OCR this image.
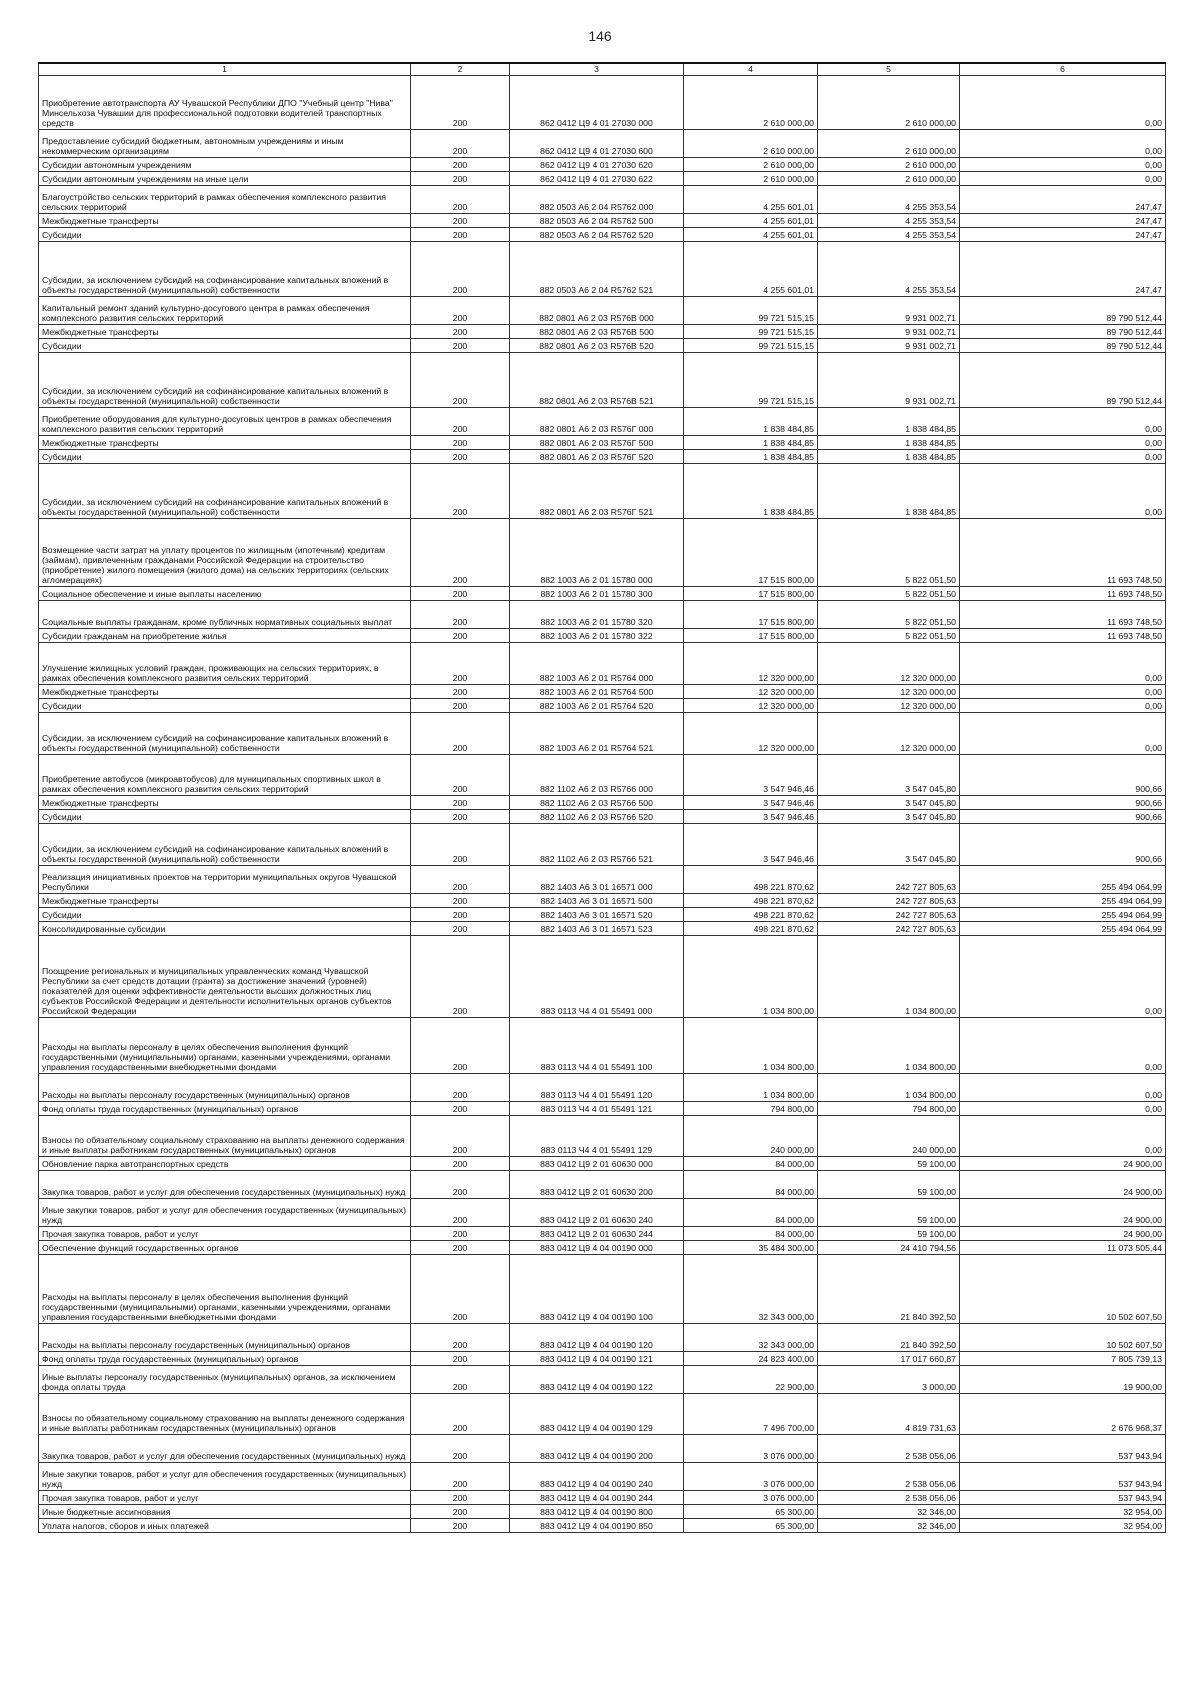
146
1	2	3	4	5	6
Приобретение автотранспорта АУ Чувашской Республики ДПО "Учебный центр "Нива" Минсельхоза Чувашии для профессиональной подготовки водителей транспортных средств	200	862 0412 Ц9 4 01 27030 000	2 610 000,00	2 610 000,00	0,00
Предоставление субсидий бюджетным, автономным учреждениям и иным некоммерческим организациям	200	862 0412 Ц9 4 01 27030 600	2 610 000,00	2 610 000,00	0,00
Субсидии автономным учреждениям	200	862 0412 Ц9 4 01 27030 620	2 610 000,00	2 610 000,00	0,00
Субсидии автономным учреждениям на иные цели	200	862 0412 Ц9 4 01 27030 622	2 610 000,00	2 610 000,00	0,00
Благоустройство сельских территорий в рамках обеспечения комплексного развития сельских территорий	200	882 0503 А6 2 04 R5762 000	4 255 601,01	4 255 353,54	247,47
Межбюджетные трансферты	200	882 0503 А6 2 04 R5762 500	4 255 601,01	4 255 353,54	247,47
Субсидии	200	882 0503 А6 2 04 R5762 520	4 255 601,01	4 255 353,54	247,47
Субсидии, за исключением субсидий на софинансирование капитальных вложений в объекты государственной (муниципальной) собственности	200	882 0503 А6 2 04 R5762 521	4 255 601,01	4 255 353,54	247,47
Капитальный ремонт зданий культурно-досугового центра в рамках обеспечения комплексного развития сельских территорий	200	882 0801 А6 2 03 R576В 000	99 721 515,15	9 931 002,71	89 790 512,44
Межбюджетные трансферты	200	882 0801 А6 2 03 R576В 500	99 721 515,15	9 931 002,71	89 790 512,44
Субсидии	200	882 0801 А6 2 03 R576В 520	99 721 515,15	9 931 002,71	89 790 512,44
Субсидии, за исключением субсидий на софинансирование капитальных вложений в объекты государственной (муниципальной) собственности	200	882 0801 А6 2 03 R576В 521	99 721 515,15	9 931 002,71	89 790 512,44
Приобретение оборудования для культурно-досуговых центров в рамках обеспечения комплексного развития сельских территорий	200	882 0801 А6 2 03 R576Г 000	1 838 484,85	1 838 484,85	0,00
Межбюджетные трансферты	200	882 0801 А6 2 03 R576Г 500	1 838 484,85	1 838 484,85	0,00
Субсидии	200	882 0801 А6 2 03 R576Г 520	1 838 484,85	1 838 484,85	0,00
Субсидии, за исключением субсидий на софинансирование капитальных вложений в объекты государственной (муниципальной) собственности	200	882 0801 А6 2 03 R576Г 521	1 838 484,85	1 838 484,85	0,00
Возмещение части затрат на уплату процентов по жилищным (ипотечным) кредитам (займам), привлеченным гражданами Российской Федерации на строительство (приобретение) жилого помещения (жилого дома) на сельских территориях (сельских агломерациях)	200	882 1003 А6 2 01 15780 000	17 515 800,00	5 822 051,50	11 693 748,50
Социальное обеспечение и иные выплаты населению	200	882 1003 А6 2 01 15780 300	17 515 800,00	5 822 051,50	11 693 748,50
Социальные выплаты гражданам, кроме публичных нормативных социальных выплат	200	882 1003 А6 2 01 15780 320	17 515 800,00	5 822 051,50	11 693 748,50
Субсидии гражданам на приобретение жилья	200	882 1003 А6 2 01 15780 322	17 515 800,00	5 822 051,50	11 693 748,50
Улучшение жилищных условий граждан, проживающих на сельских территориях, в рамках обеспечения комплексного развития сельских территорий	200	882 1003 А6 2 01 R5764 000	12 320 000,00	12 320 000,00	0,00
Межбюджетные трансферты	200	882 1003 А6 2 01 R5764 500	12 320 000,00	12 320 000,00	0,00
Субсидии	200	882 1003 А6 2 01 R5764 520	12 320 000,00	12 320 000,00	0,00
Субсидии, за исключением субсидий на софинансирование капитальных вложений в объекты государственной (муниципальной) собственности	200	882 1003 А6 2 01 R5764 521	12 320 000,00	12 320 000,00	0,00
Приобретение автобусов (микроавтобусов) для муниципальных спортивных школ в рамках обеспечения комплексного развития сельских территорий	200	882 1102 А6 2 03 R5766 000	3 547 946,46	3 547 045,80	900,66
Межбюджетные трансферты	200	882 1102 А6 2 03 R5766 500	3 547 946,46	3 547 045,80	900,66
Субсидии	200	882 1102 А6 2 03 R5766 520	3 547 946,46	3 547 045,80	900,66
Субсидии, за исключением субсидий на софинансирование капитальных вложений в объекты государственной (муниципальной) собственности	200	882 1102 А6 2 03 R5766 521	3 547 946,46	3 547 045,80	900,66
Реализация инициативных проектов на территории муниципальных округов Чувашской Республики	200	882 1403 А6 3 01 16571 000	498 221 870,62	242 727 805,63	255 494 064,99
Межбюджетные трансферты	200	882 1403 А6 3 01 16571 500	498 221 870,62	242 727 805,63	255 494 064,99
Субсидии	200	882 1403 А6 3 01 16571 520	498 221 870,62	242 727 805,63	255 494 064,99
Консолидированные субсидии	200	882 1403 А6 3 01 16571 523	498 221 870,62	242 727 805,63	255 494 064,99
Поощрение региональных и муниципальных управленческих команд Чувашской Республики за счет средств дотации (гранта) за достижение значений (уровней) показателей для оценки эффективности деятельности высших должностных лиц субъектов Российской Федерации и деятельности исполнительных органов субъектов Российской Федерации	200	883 0113 Ч4 4 01 55491 000	1 034 800,00	1 034 800,00	0,00
Расходы на выплаты персоналу в целях обеспечения выполнения функций государственными (муниципальными) органами, казенными учреждениями, органами управления государственными внебюджетными фондами	200	883 0113 Ч4 4 01 55491 100	1 034 800,00	1 034 800,00	0,00
Расходы на выплаты персоналу государственных (муниципальных) органов	200	883 0113 Ч4 4 01 55491 120	1 034 800,00	1 034 800,00	0,00
Фонд оплаты труда государственных (муниципальных) органов	200	883 0113 Ч4 4 01 55491 121	794 800,00	794 800,00	0,00
Взносы по обязательному социальному страхованию на выплаты денежного содержания и иные выплаты работникам государственных (муниципальных) органов	200	883 0113 Ч4 4 01 55491 129	240 000,00	240 000,00	0,00
Обновление парка автотранспортных средств	200	883 0412 Ц9 2 01 60630 000	84 000,00	59 100,00	24 900,00
Закупка товаров, работ и услуг для обеспечения государственных (муниципальных) нужд	200	883 0412 Ц9 2 01 60630 200	84 000,00	59 100,00	24 900,00
Иные закупки товаров, работ и услуг для обеспечения государственных (муниципальных) нужд	200	883 0412 Ц9 2 01 60630 240	84 000,00	59 100,00	24 900,00
Прочая закупка товаров, работ и услуг	200	883 0412 Ц9 2 01 60630 244	84 000,00	59 100,00	24 900,00
Обеспечение функций государственных органов	200	883 0412 Ц9 4 04 00190 000	35 484 300,00	24 410 794,56	11 073 505,44
Расходы на выплаты персоналу в целях обеспечения выполнения функций государственными (муниципальными) органами, казенными учреждениями, органами управления государственными внебюджетными фондами	200	883 0412 Ц9 4 04 00190 100	32 343 000,00	21 840 392,50	10 502 607,50
Расходы на выплаты персоналу государственных (муниципальных) органов	200	883 0412 Ц9 4 04 00190 120	32 343 000,00	21 840 392,50	10 502 607,50
Фонд оплаты труда государственных (муниципальных) органов	200	883 0412 Ц9 4 04 00190 121	24 823 400,00	17 017 660,87	7 805 739,13
Иные выплаты персоналу государственных (муниципальных) органов, за исключением фонда оплаты труда	200	883 0412 Ц9 4 04 00190 122	22 900,00	3 000,00	19 900,00
Взносы по обязательному социальному страхованию на выплаты денежного содержания и иные выплаты работникам государственных (муниципальных) органов	200	883 0412 Ц9 4 04 00190 129	7 496 700,00	4 819 731,63	2 676 968,37
Закупка товаров, работ и услуг для обеспечения государственных (муниципальных) нужд	200	883 0412 Ц9 4 04 00190 200	3 076 000,00	2 538 056,06	537 943,94
Иные закупки товаров, работ и услуг для обеспечения государственных (муниципальных) нужд	200	883 0412 Ц9 4 04 00190 240	3 076 000,00	2 538 056,06	537 943,94
Прочая закупка товаров, работ и услуг	200	883 0412 Ц9 4 04 00190 244	3 076 000,00	2 538 056,06	537 943,94
Иные бюджетные ассигнования	200	883 0412 Ц9 4 04 00190 800	65 300,00	32 346,00	32 954,00
Уплата налогов, сборов и иных платежей	200	883 0412 Ц9 4 04 00190 850	65 300,00	32 346,00	32 954,00
